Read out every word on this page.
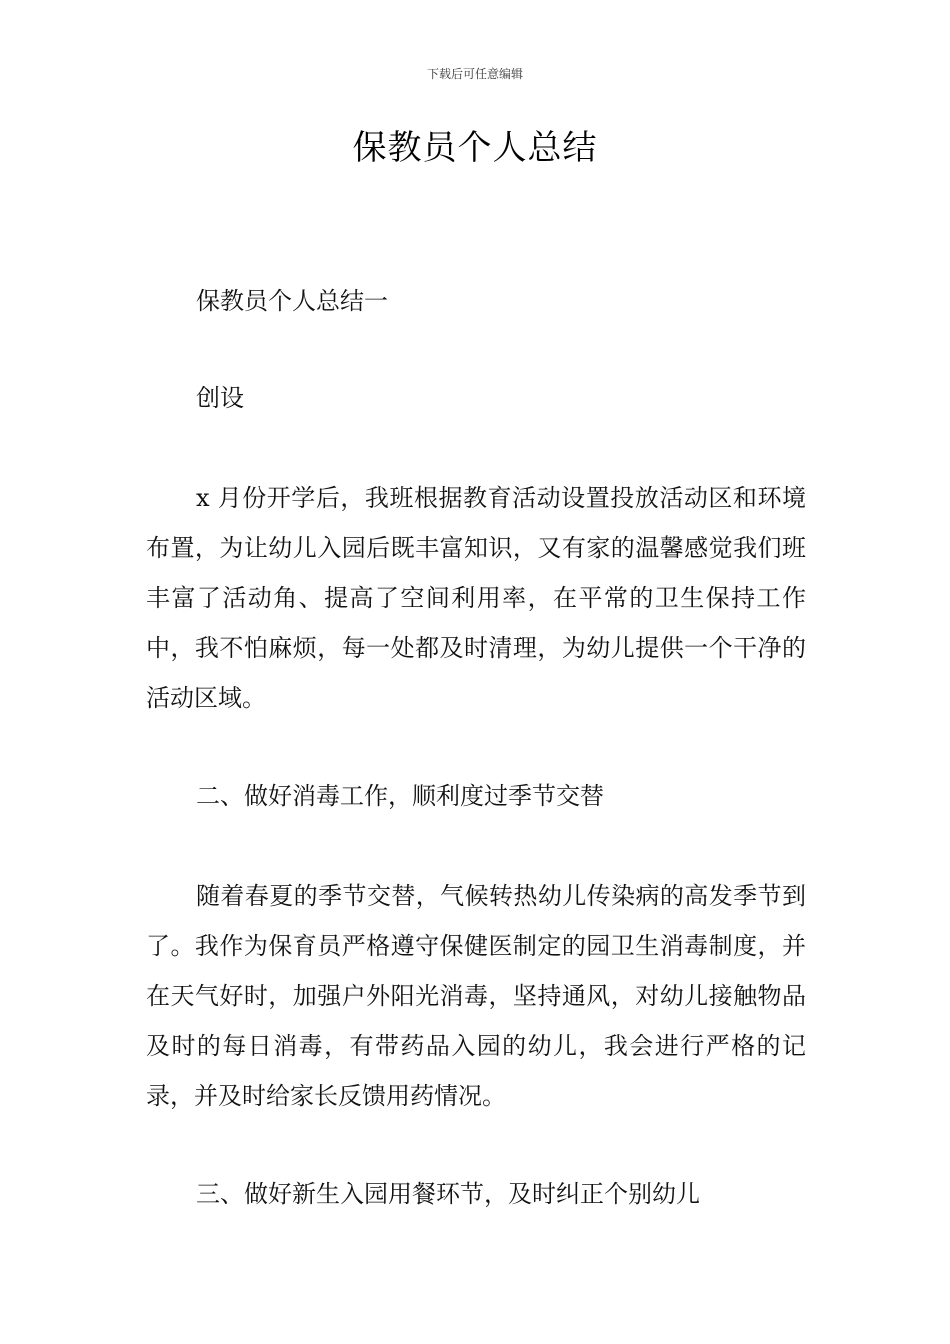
下载后可任意编辑
保教员个人总结

保教员个人总结一

创设

x 月份开学后，我班根据教育活动设置投放活动区和环境布置，为让幼儿入园后既丰富知识，又有家的温馨感觉我们班丰富了活动角、提高了空间利用率，在平常的卫生保持工作中，我不怕麻烦，每一处都及时清理，为幼儿提供一个干净的活动区域。

二、做好消毒工作，顺利度过季节交替

随着春夏的季节交替，气候转热幼儿传染病的高发季节到了。我作为保育员严格遵守保健医制定的园卫生消毒制度，并在天气好时，加强户外阳光消毒，坚持通风，对幼儿接触物品及时的每日消毒，有带药品入园的幼儿，我会进行严格的记录，并及时给家长反馈用药情况。

三、做好新生入园用餐环节，及时纠正个别幼儿
